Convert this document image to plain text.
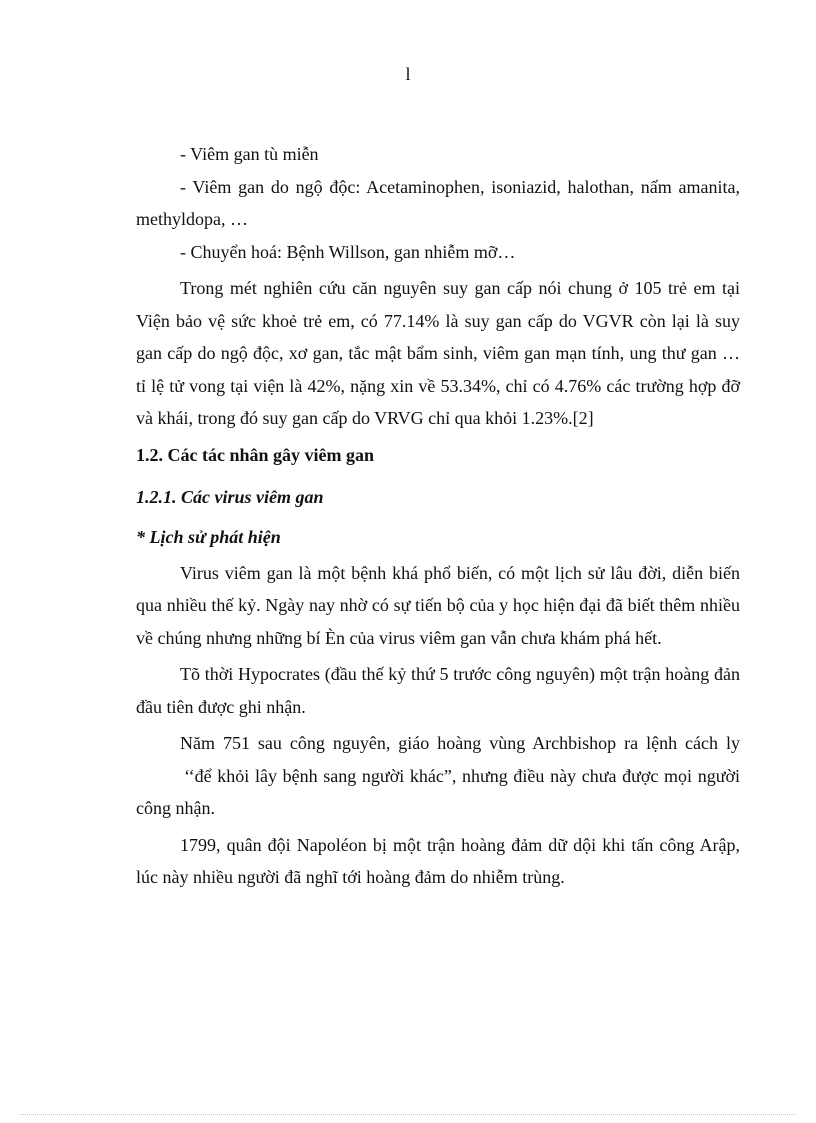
l

- Viêm gan tù miễn

- Viêm gan do ngộ độc: Acetaminophen, isoniazid, halothan, nấm amanita, methyldopa, …

- Chuyển hoá: Bệnh Willson, gan nhiễm mỡ…

Trong mét nghiên cứu căn nguyên suy gan cấp nói chung ở 105 trẻ em tại Viện bảo vệ sức khoẻ trẻ em, có 77.14% là suy gan cấp do VGVR còn lại là suy gan cấp do ngộ độc, xơ gan, tắc mật bẩm sinh, viêm gan mạn tính, ung thư gan … tỉ lệ tử vong tại viện là 42%, nặng xin về 53.34%, chỉ có 4.76% các trường hợp đỡ và khái, trong đó suy gan cấp do VRVG chỉ qua khỏi 1.23%.[2]

1.2. Các tác nhân gây viêm gan
1.2.1. Các virus viêm gan
* Lịch sử phát hiện

Virus viêm gan là một bệnh khá phổ biến, có một lịch sử lâu đời, diễn biến qua nhiều thế kỷ. Ngày nay nhờ có sự tiến bộ của y học hiện đại đã biết thêm nhiều về chúng nhưng những bí Èn của virus viêm gan vẫn chưa khám phá hết.

Tõ thời Hypocrates (đầu thế kỷ thứ 5 trước công nguyên) một trận hoàng đản đầu tiên được ghi nhận.

Năm 751 sau công nguyên, giáo hoàng vùng Archbishop ra lệnh cách ly‘‘để khỏi lây bệnh sang người khác”, nhưng điều này chưa được mọi người công nhận.

1799, quân đội Napoléon bị một trận hoàng đảm dữ dội khi tấn công Arập, lúc này nhiều người đã nghĩ tới hoàng đảm do nhiễm trùng.
